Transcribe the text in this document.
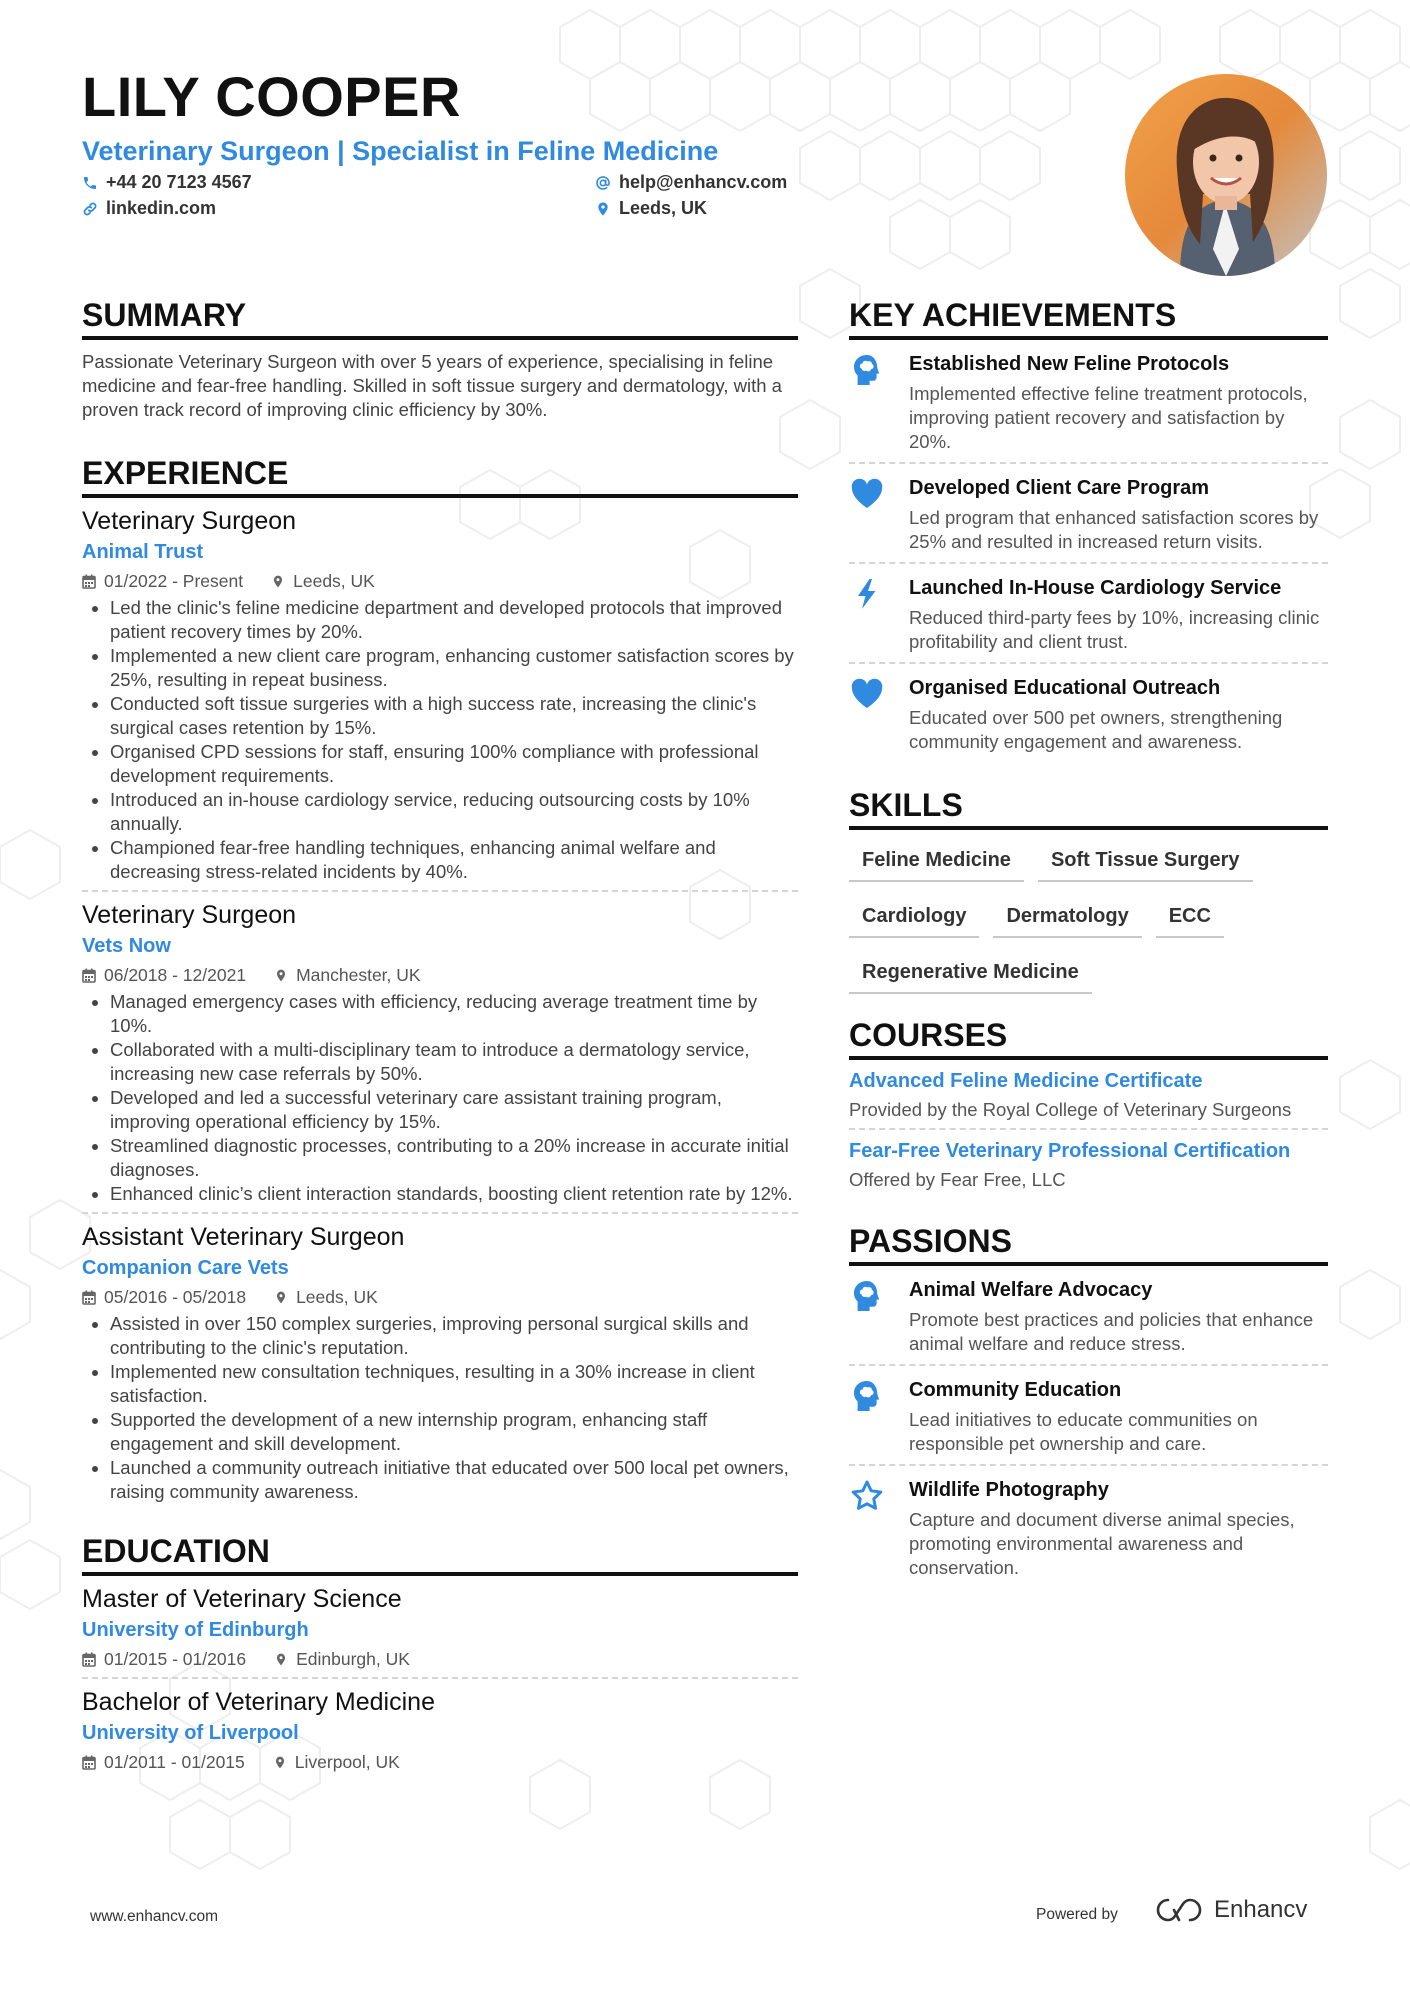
LILY COOPER
Veterinary Surgeon | Specialist in Feline Medicine
+44 20 7123 4567
linkedin.com
help@enhancv.com
Leeds, UK
SUMMARY
Passionate Veterinary Surgeon with over 5 years of experience, specialising in feline medicine and fear-free handling. Skilled in soft tissue surgery and dermatology, with a proven track record of improving clinic efficiency by 30%.
EXPERIENCE
Veterinary Surgeon
Animal Trust
01/2022 - Present	Leeds, UK
• Led the clinic's feline medicine department and developed protocols that improved patient recovery times by 20%.
• Implemented a new client care program, enhancing customer satisfaction scores by 25%, resulting in repeat business.
• Conducted soft tissue surgeries with a high success rate, increasing the clinic's surgical cases retention by 15%.
• Organised CPD sessions for staff, ensuring 100% compliance with professional development requirements.
• Introduced an in-house cardiology service, reducing outsourcing costs by 10% annually.
• Championed fear-free handling techniques, enhancing animal welfare and decreasing stress-related incidents by 40%.
Veterinary Surgeon
Vets Now
06/2018 - 12/2021	Manchester, UK
• Managed emergency cases with efficiency, reducing average treatment time by 10%.
• Collaborated with a multi-disciplinary team to introduce a dermatology service, increasing new case referrals by 50%.
• Developed and led a successful veterinary care assistant training program, improving operational efficiency by 15%.
• Streamlined diagnostic processes, contributing to a 20% increase in accurate initial diagnoses.
• Enhanced clinic’s client interaction standards, boosting client retention rate by 12%.
Assistant Veterinary Surgeon
Companion Care Vets
05/2016 - 05/2018	Leeds, UK
• Assisted in over 150 complex surgeries, improving personal surgical skills and contributing to the clinic's reputation.
• Implemented new consultation techniques, resulting in a 30% increase in client satisfaction.
• Supported the development of a new internship program, enhancing staff engagement and skill development.
• Launched a community outreach initiative that educated over 500 local pet owners, raising community awareness.
EDUCATION
Master of Veterinary Science
University of Edinburgh
01/2015 - 01/2016	Edinburgh, UK
Bachelor of Veterinary Medicine
University of Liverpool
01/2011 - 01/2015	Liverpool, UK
KEY ACHIEVEMENTS
Established New Feline Protocols
Implemented effective feline treatment protocols, improving patient recovery and satisfaction by 20%.
Developed Client Care Program
Led program that enhanced satisfaction scores by 25% and resulted in increased return visits.
Launched In-House Cardiology Service
Reduced third-party fees by 10%, increasing clinic profitability and client trust.
Organised Educational Outreach
Educated over 500 pet owners, strengthening community engagement and awareness.
SKILLS
Feline Medicine	Soft Tissue Surgery
Cardiology	Dermatology	ECC
Regenerative Medicine
COURSES
Advanced Feline Medicine Certificate
Provided by the Royal College of Veterinary Surgeons
Fear-Free Veterinary Professional Certification
Offered by Fear Free, LLC
PASSIONS
Animal Welfare Advocacy
Promote best practices and policies that enhance animal welfare and reduce stress.
Community Education
Lead initiatives to educate communities on responsible pet ownership and care.
Wildlife Photography
Capture and document diverse animal species, promoting environmental awareness and conservation.
www.enhancv.com	Powered by	Enhancv
